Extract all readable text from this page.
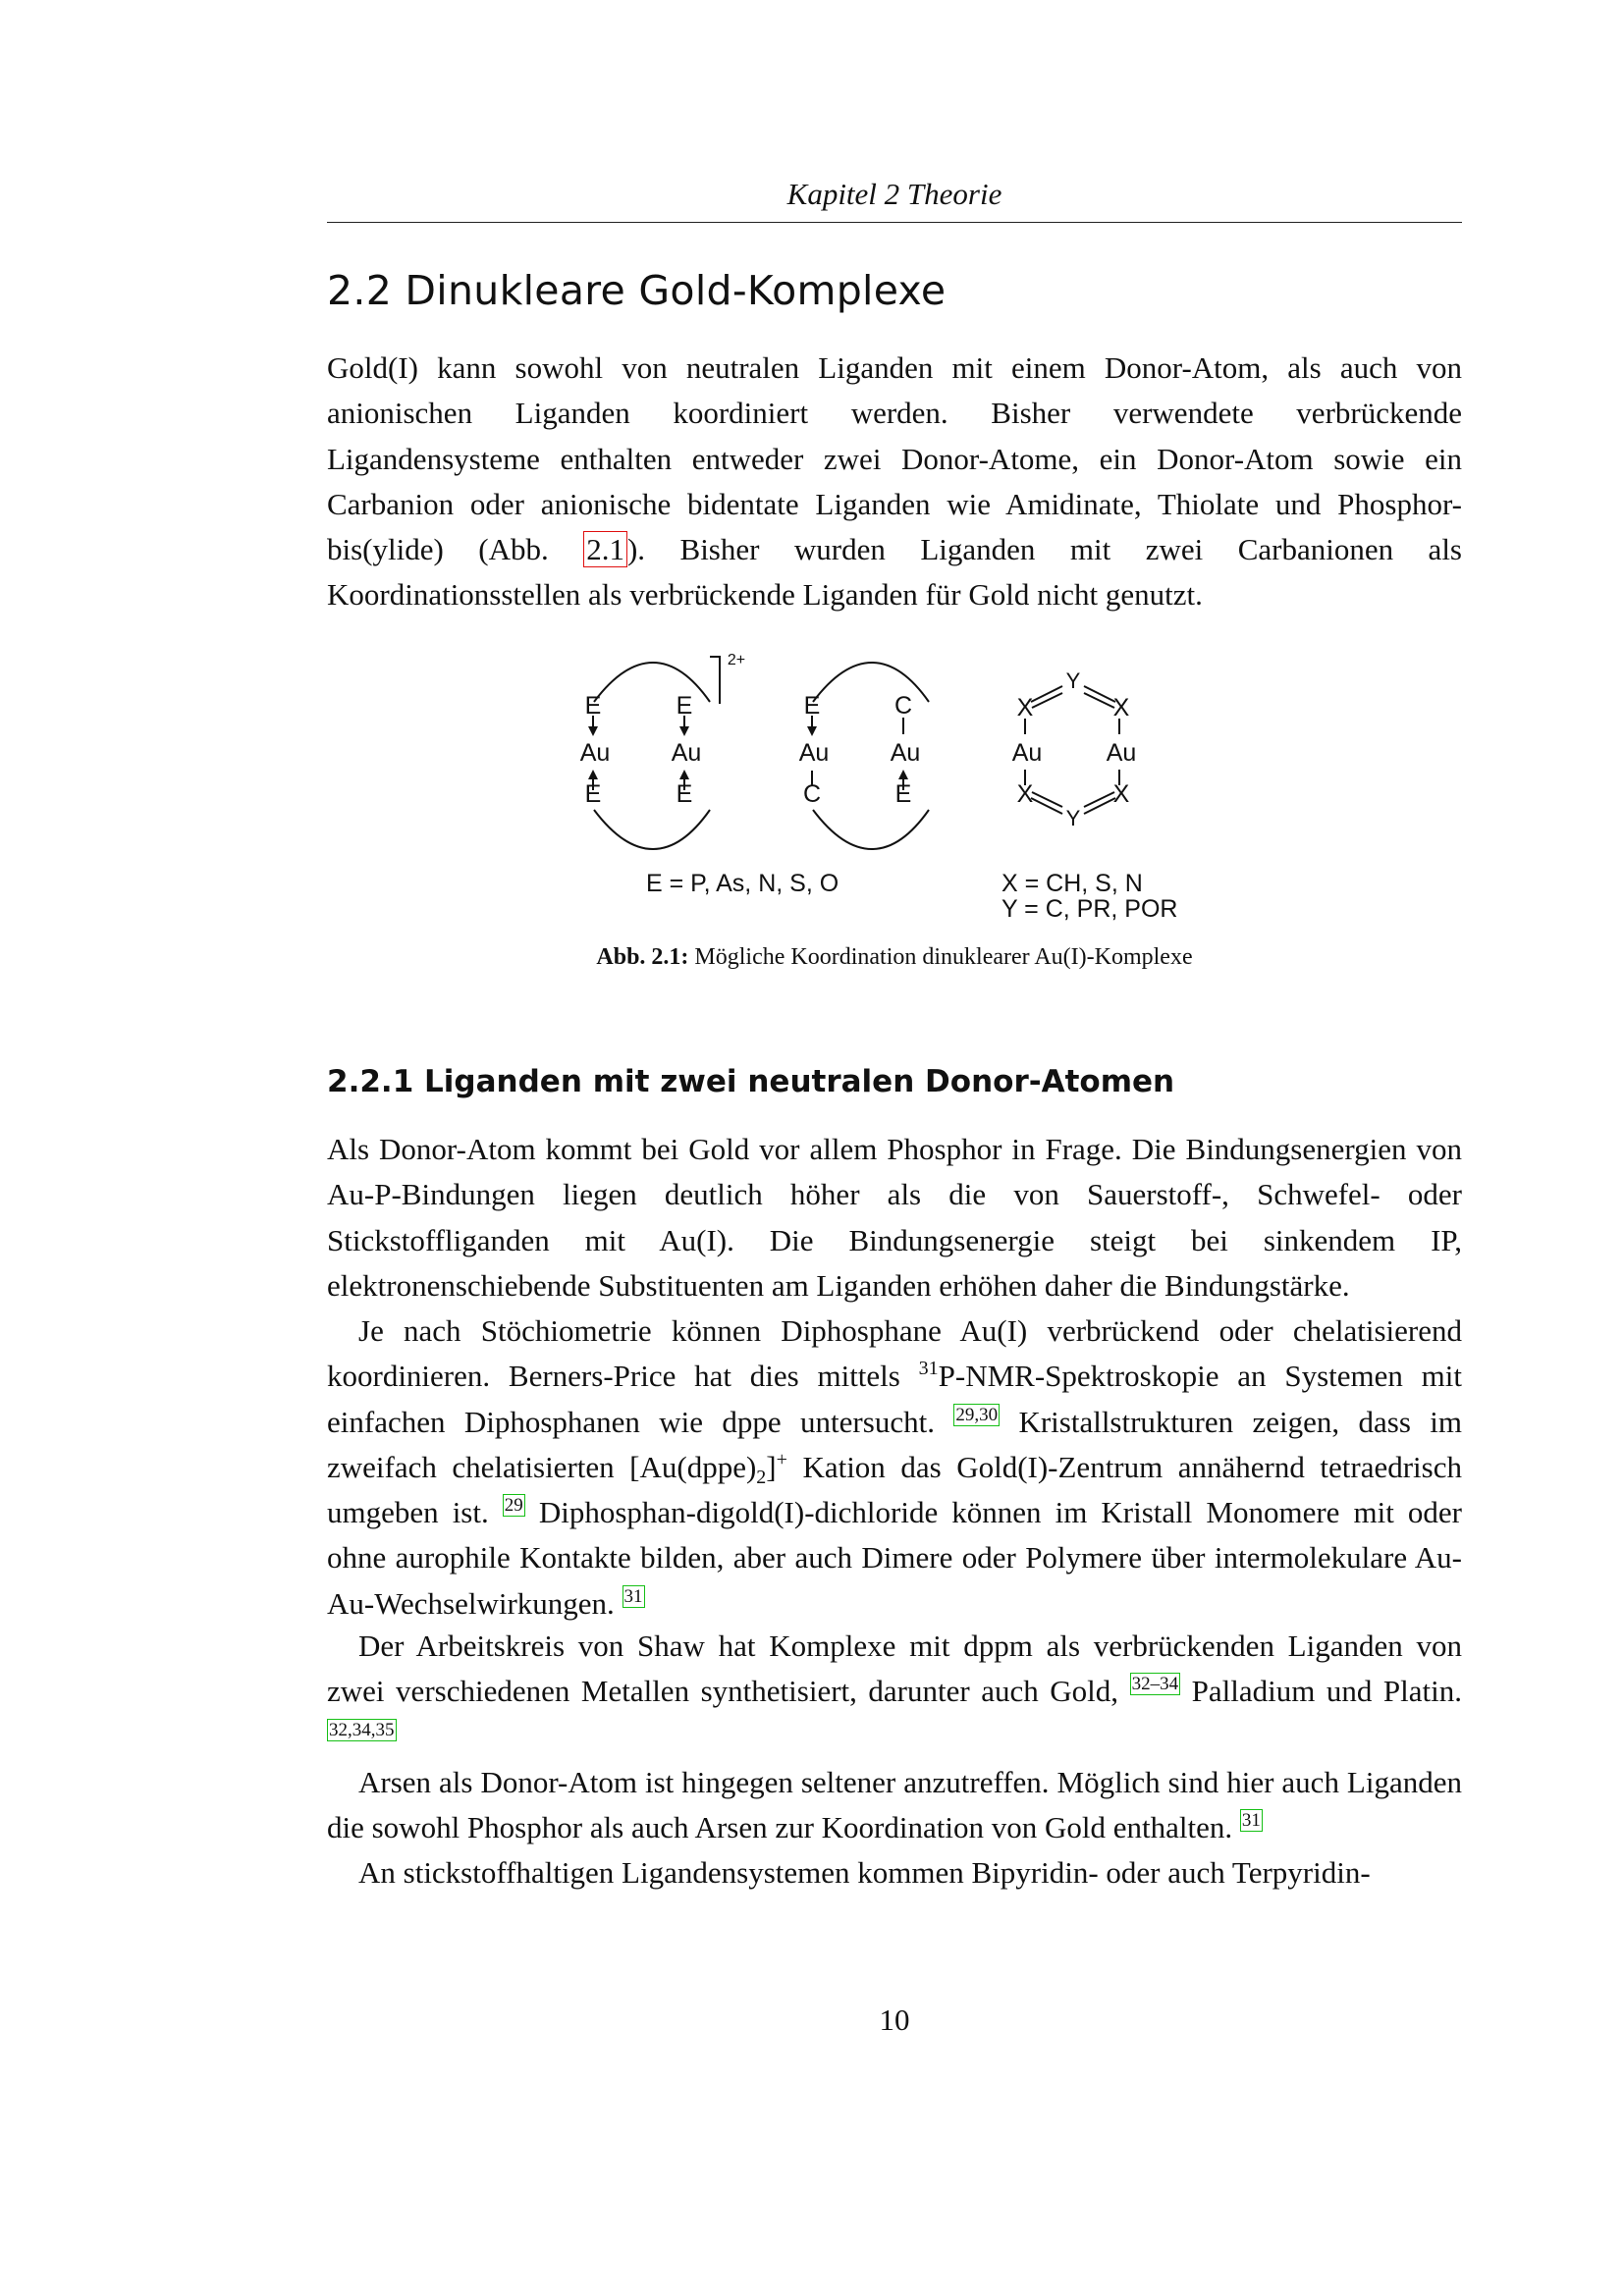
Kapitel 2 Theorie
2.2 Dinukleare Gold-Komplexe

Gold(I) kann sowohl von neutralen Liganden mit einem Donor-Atom, als auch von anionischen Liganden koordiniert werden. Bisher verwendete verbrückende Ligandensysteme enthalten entweder zwei Donor-Atome, ein Donor-Atom sowie ein Carbanion oder anionische bidentate Liganden wie Amidinate, Thiolate und Phosphor-bis(ylide) (Abb. 2.1). Bisher wurden Liganden mit zwei Carbanionen als Koordinationsstellen als verbrückende Liganden für Gold nicht genutzt.

E	E
Au Au
E	E
2+
E	C
Au Au
C	E
Y
X	X
Au	Au
X	X
Y
E = P, As, N, S, O	X = CH, S, N
Y = C, PR, POR
Abb. 2.1: Mögliche Koordination dinuklearer Au(I)-Komplexe
2.2.1 Liganden mit zwei neutralen Donor-Atomen

Als Donor-Atom kommt bei Gold vor allem Phosphor in Frage. Die Bindungsenergien von Au-P-Bindungen liegen deutlich höher als die von Sauerstoff-, Schwefel- oder Stickstoffliganden mit Au(I). Die Bindungsenergie steigt bei sinkendem IP, elektronenschiebende Substituenten am Liganden erhöhen daher die Bindungstärke.

Je nach Stöchiometrie können Diphosphane Au(I) verbrückend oder chelatisierend koordinieren. Berners-Price hat dies mittels $^{31}$P-NMR-Spektroskopie an Systemen mit einfachen Diphosphanen wie dppe untersucht. $^{29,30}$ Kristallstrukturen zeigen, dass im zweifach chelatisierten $[Au(dppe)_2]^+$ Kation das Gold(I)-Zentrum annähernd tetraedrisch umgeben ist. $^{29}$ Diphosphan-digold(I)-dichloride können im Kristall Monomere mit oder ohne aurophile Kontakte bilden, aber auch Dimere oder Polymere über intermolekulare Au-Au-Wechselwirkungen. $^{31}$

Der Arbeitskreis von Shaw hat Komplexe mit dppm als verbrückenden Liganden von zwei verschiedenen Metallen synthetisiert, darunter auch Gold, $^{32-34}$ Palladium und Platin. $^{32,34,35}$

Arsen als Donor-Atom ist hingegen seltener anzutreffen. Möglich sind hier auch Liganden die sowohl Phosphor als auch Arsen zur Koordination von Gold enthalten. $^{31}$

An stickstoffhaltigen Ligandensystemen kommen Bipyridin- oder auch Terpyridin-

10
